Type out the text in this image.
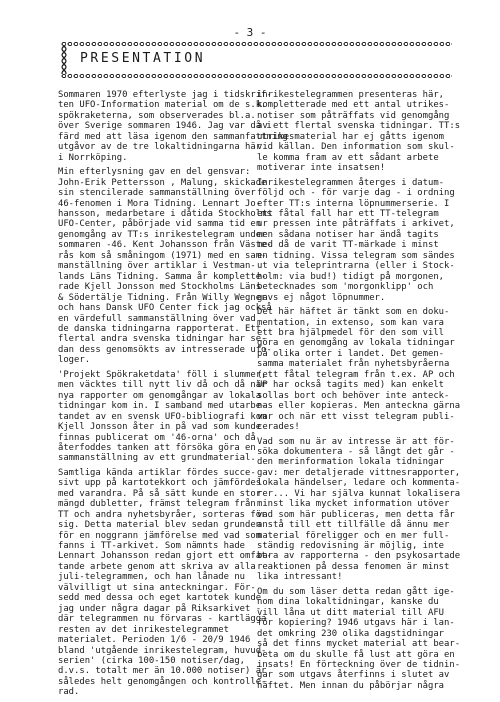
- 3 -
PRESENTATION

Sommaren 1970 efterlyste jag i tidskrif-
ten UFO-Information material om de s.k.
spökraketerna, som observerades bl.a.
över Sverige sommaren 1946. Jag var då i
färd med att läsa igenom den sammanfattning
utgåvor av de tre lokaltidningarna här
i Norrköping.

Min efterlysning gav en del gensvar:
John-Erik Pettersson , Malung, skickade
sin stencilerade sammanställning över
46-fenomen i Mora Tidning. Lennart Jo-
hansson, medarbetare i dåtida Stockholms
UFO-Center, påbörjade vid samma tid en
genomgång av TT:s inrikestelegram under
sommaren -46. Kent Johansson från Väste-
rås kom så småningom (1971) med en sam-
manställning över artiklar i Vestman-
lands Läns Tidning. Samma år komplette-
rade Kjell Jonsson med Stockholms Läns
& Södertälje Tidning. Från Willy Wegner
och hans Dansk UFO Center fick jag också
en värdefull sammanställning över vad
de danska tidningarna rapporterat. Ett
flertal andra svenska tidningar har se-
dan dess genomsökts av intresserade ufo-
loger.

'Projekt Spökraketdata' föll i slummer,
men väcktes till nytt liv då och då när
nya rapporter om genomgångar av lokala
tidningar kom in. I samband med utarbe-
tandet av en svensk UFO-bibliografi kom
Kjell Jonsson åter in på vad som kunde
finnas publicerat om '46-orna' och då
återfoddes tanken att försöka göra en
sammanställning av ett grundmaterial.

Samtliga kända artiklar fördes succe-
sivt upp på kartotekkort och jämfördes
med varandra. På så sätt kunde en stor
mängd dubletter, främst telegram från
TT och andra nyhetsbyråer, sorteras för
sig. Detta material blev sedan grunden
för en noggrann jämförelse med vad som
fanns i TT-arkivet. Som nämnts hade
Lennart Johansson redan gjort ett omfat-
tande arbete genom att skriva av alla
juli-telegrammen, och han lånade nu
välvilligt ut sina anteckningar. För-
sedd med dessa och eget kartotek kunde
jag under några dagar på Riksarkivet -
där telegrammen nu förvaras - kartlägga
resten av det inrikestelegrammet
materialet. Perioden 1/6 - 20/9 1946
bland 'utgående inrikestelegram, huvud-
serien' (cirka 100-150 notiser/dag,
d.v.s. totalt mer än 10.000 notiser) är
således helt genomgången och kontrolle-
rad.

inrikestelegrammen presenteras här,
kompletterade med ett antal utrikes-
notiser som påträffats vid genomgång
av ett flertal svenska tidningar. TT:s
utrikesmaterial har ej gåtts igenom
vid källan. Den information som skul-
le komma fram av ett sådant arbete
motiverar inte insatsen!

Inrikestelegrammen återges i datum-
följd och - för varje dag - i ordning
efter TT:s interna löpnummerserie. I
ett fåtal fall har ett TT-telegram
ur pressen inte påträffats i arkivet,
men sådana notiser har ändå tagits
med då de varit TT-märkade i minst
en tidning. Vissa telegram som sändes
ut via teleprintrarna (eller i Stock-
holm: via bud!) tidigt på morgonen,
betecknades som 'morgonklipp' och
gavs ej något löpnummer.

Det här häftet är tänkt som en doku-
mentation, in extenso, som kan vara
ett bra hjälpmedel för den som vill
göra en genomgång av lokala tidningar
på olika orter i landet. Det gemen-
samma materialet från nyhetsbyråerna
(ett fåtal telegram från t.ex. AP och
UP har också tagits med) kan enkelt
sollas bort och behöver inte anteck-
nas eller kopieras. Men anteckna gärna
var och när ett visst telegram publi-
cerades!

Vad som nu är av intresse är att för-
söka dokumentera - så långt det går -
den merinformation lokala tidningar
gav: mer detaljerade vittnesrapporter,
lokala händelser, ledare och kommenta-
rer... Vi har själva kunnat lokalisera
minst lika mycket information utöver
vad som här publiceras, men detta får
anstå till ett tillfälle då ännu mer
material föreligger och en mer full-
ständig redovisning är möjlig, inte
bara av rapporterna - den psykosartade
reaktionen på dessa fenomen är minst
lika intressant!

Om du som läser detta redan gått ige-
nom dina lokaltidningar, kanske du
vill låna ut ditt material till AFU
för kopiering? 1946 utgavs här i lan-
det omkring 230 olika dagstidningar
så det finns mycket material att bear-
beta om du skulle få lust att göra en
insats! En förteckning över de tidnin-
gar som utgavs återfinns i slutet av
häftet. Men innan du påbörjar några
